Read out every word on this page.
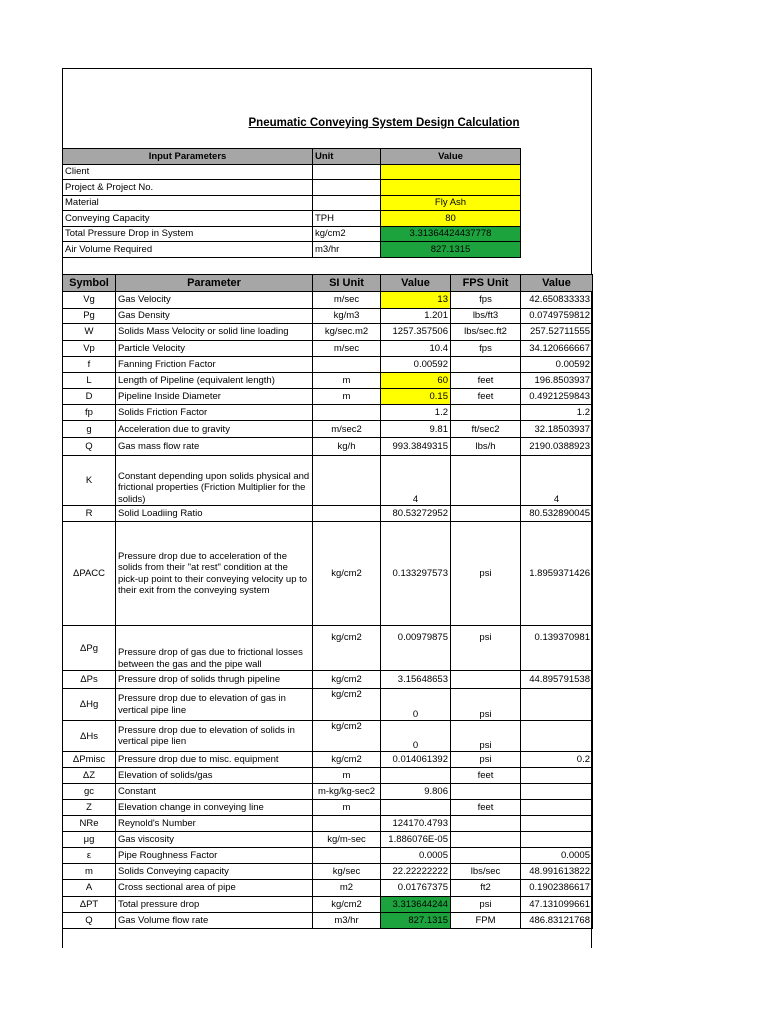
Pneumatic Conveying System Design Calculation
Input Parameters	Unit	Value
Client		
Project & Project No.		
Material		Fly Ash
Conveying Capacity	TPH	80
Total Pressure Drop in System	kg/cm2	3.31364424437778
Air Volume Required	m3/hr	827.1315
Symbol	Parameter	SI Unit	Value	FPS Unit	Value
Vg	Gas Velocity	m/sec	13	fps	42.650833333
Pg	Gas Density	kg/m3	1.201	lbs/ft3	0.0749759812
W	Solids Mass Velocity or solid line loading	kg/sec.m2	1257.357506	lbs/sec.ft2	257.52711555
Vp	Particle Velocity	m/sec	10.4	fps	34.120666667
f	Fanning Friction Factor		0.00592		0.00592
L	Length of Pipeline (equivalent length)	m	60	feet	196.8503937
D	Pipeline Inside Diameter	m	0.15	feet	0.4921259843
fp	Solids Friction Factor		1.2		1.2
g	Acceleration due to gravity	m/sec2	9.81	ft/sec2	32.18503937
Q	Gas mass flow rate	kg/h	993.3849315	lbs/h	2190.0388923
K	Constant depending upon solids physical and frictional properties (Friction Multiplier for the solids)		4		4
R	Solid Loadiing Ratio		80.53272952		80.532890045
ΔPACC	Pressure drop due to acceleration of the solids from their "at rest" condition at the pick-up point to their conveying velocity up to their exit from the conveying system	kg/cm2	0.133297573	psi	1.8959371426
ΔPg	Pressure drop of gas due to frictional losses between the gas and the pipe wall	kg/cm2	0.00979875	psi	0.139370981
ΔPs	Pressure drop of solids thrugh pipeline	kg/cm2	3.15648653		44.895791538
ΔHg	Pressure drop due to elevation of gas in vertical pipe line	kg/cm2	0	psi	
ΔHs	Pressure drop due to elevation of solids in vertical pipe lien	kg/cm2	0	psi	
ΔPmisc	Pressure drop due to misc. equipment	kg/cm2	0.014061392	psi	0.2
ΔZ	Elevation of solids/gas	m		feet	
gc	Constant	m-kg/kg-sec2	9.806		
Z	Elevation change in conveying line	m		feet	
NRe	Reynold's Number		124170.4793		
μg	Gas viscosity	kg/m-sec	1.886076E-05		
ε	Pipe Roughness Factor		0.0005		0.0005
m	Solids Conveying capacity	kg/sec	22.22222222	lbs/sec	48.991613822
A	Cross sectional area of pipe	m2	0.01767375	ft2	0.1902386617
ΔPT	Total pressure drop	kg/cm2	3.313644244	psi	47.131099661
Q	Gas Volume flow rate	m3/hr	827.1315	FPM	486.83121768
